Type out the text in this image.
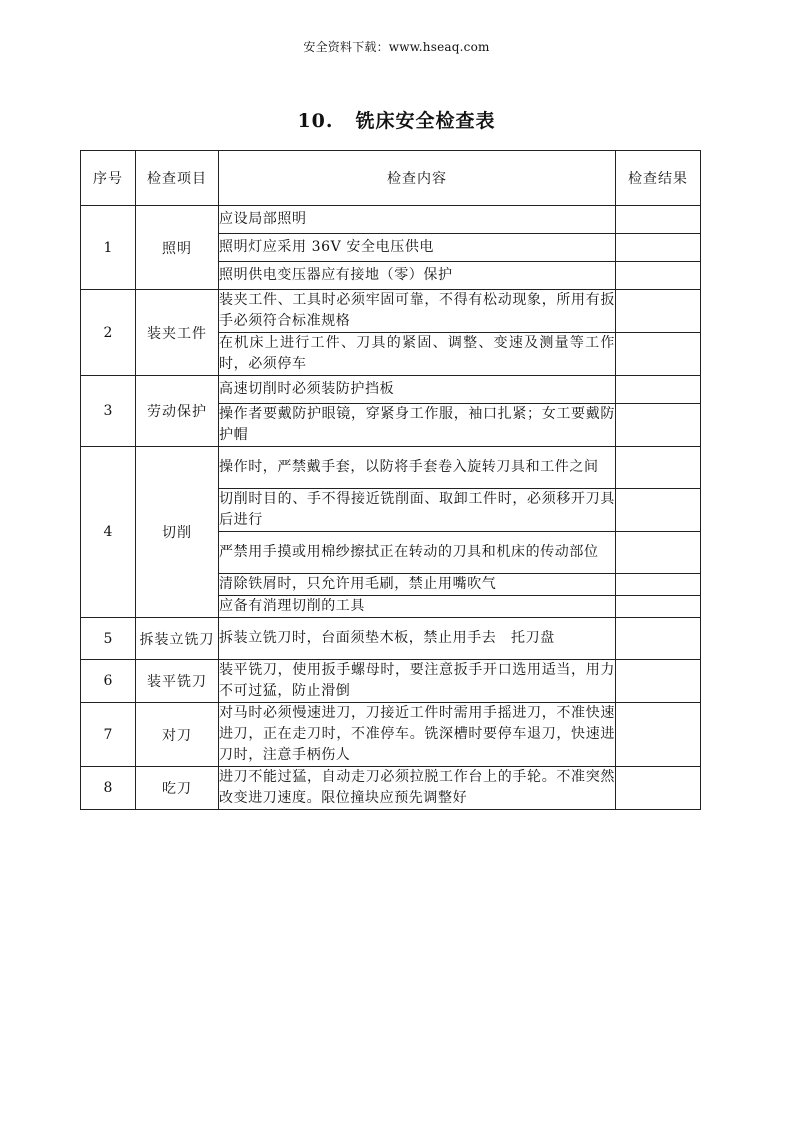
安全资料下载：www.hseaq.com
10. 铣床安全检查表
序号	检查项目	检查内容	检查结果
1	照明	应设局部照明	
		照明灯应采用 36V 安全电压供电	
		照明供电变压器应有接地（零）保护	
2	装夹工件	装夹工件、工具时必须牢固可靠，不得有松动现象，所用有扳手必须符合标准规格	
		在机床上进行工件、刀具的紧固、调整、变速及测量等工作时，必须停车	
3	劳动保护	高速切削时必须装防护挡板	
		操作者要戴防护眼镜，穿紧身工作服，袖口扎紧；女工要戴防护帽	
4	切削	操作时，严禁戴手套，以防将手套卷入旋转刀具和工件之间	
		切削时目的、手不得接近铣削面、取卸工件时，必须移开刀具后进行	
		严禁用手摸或用棉纱擦拭正在转动的刀具和机床的传动部位	
		清除铁屑时，只允许用毛刷，禁止用嘴吹气	
		应备有消理切削的工具	
5	拆装立铣刀	拆装立铣刀时，台面须垫木板，禁止用手去　托刀盘	
6	装平铣刀	装平铣刀，使用扳手螺母时，要注意扳手开口选用适当，用力不可过猛，防止滑倒	
7	对刀	对马时必须慢速进刀，刀接近工件时需用手摇进刀，不准快速进刀，正在走刀时，不准停车。铣深槽时要停车退刀，快速进刀时，注意手柄伤人	
8	吃刀	进刀不能过猛，自动走刀必须拉脱工作台上的手轮。不准突然改变进刀速度。限位撞块应预先调整好	
